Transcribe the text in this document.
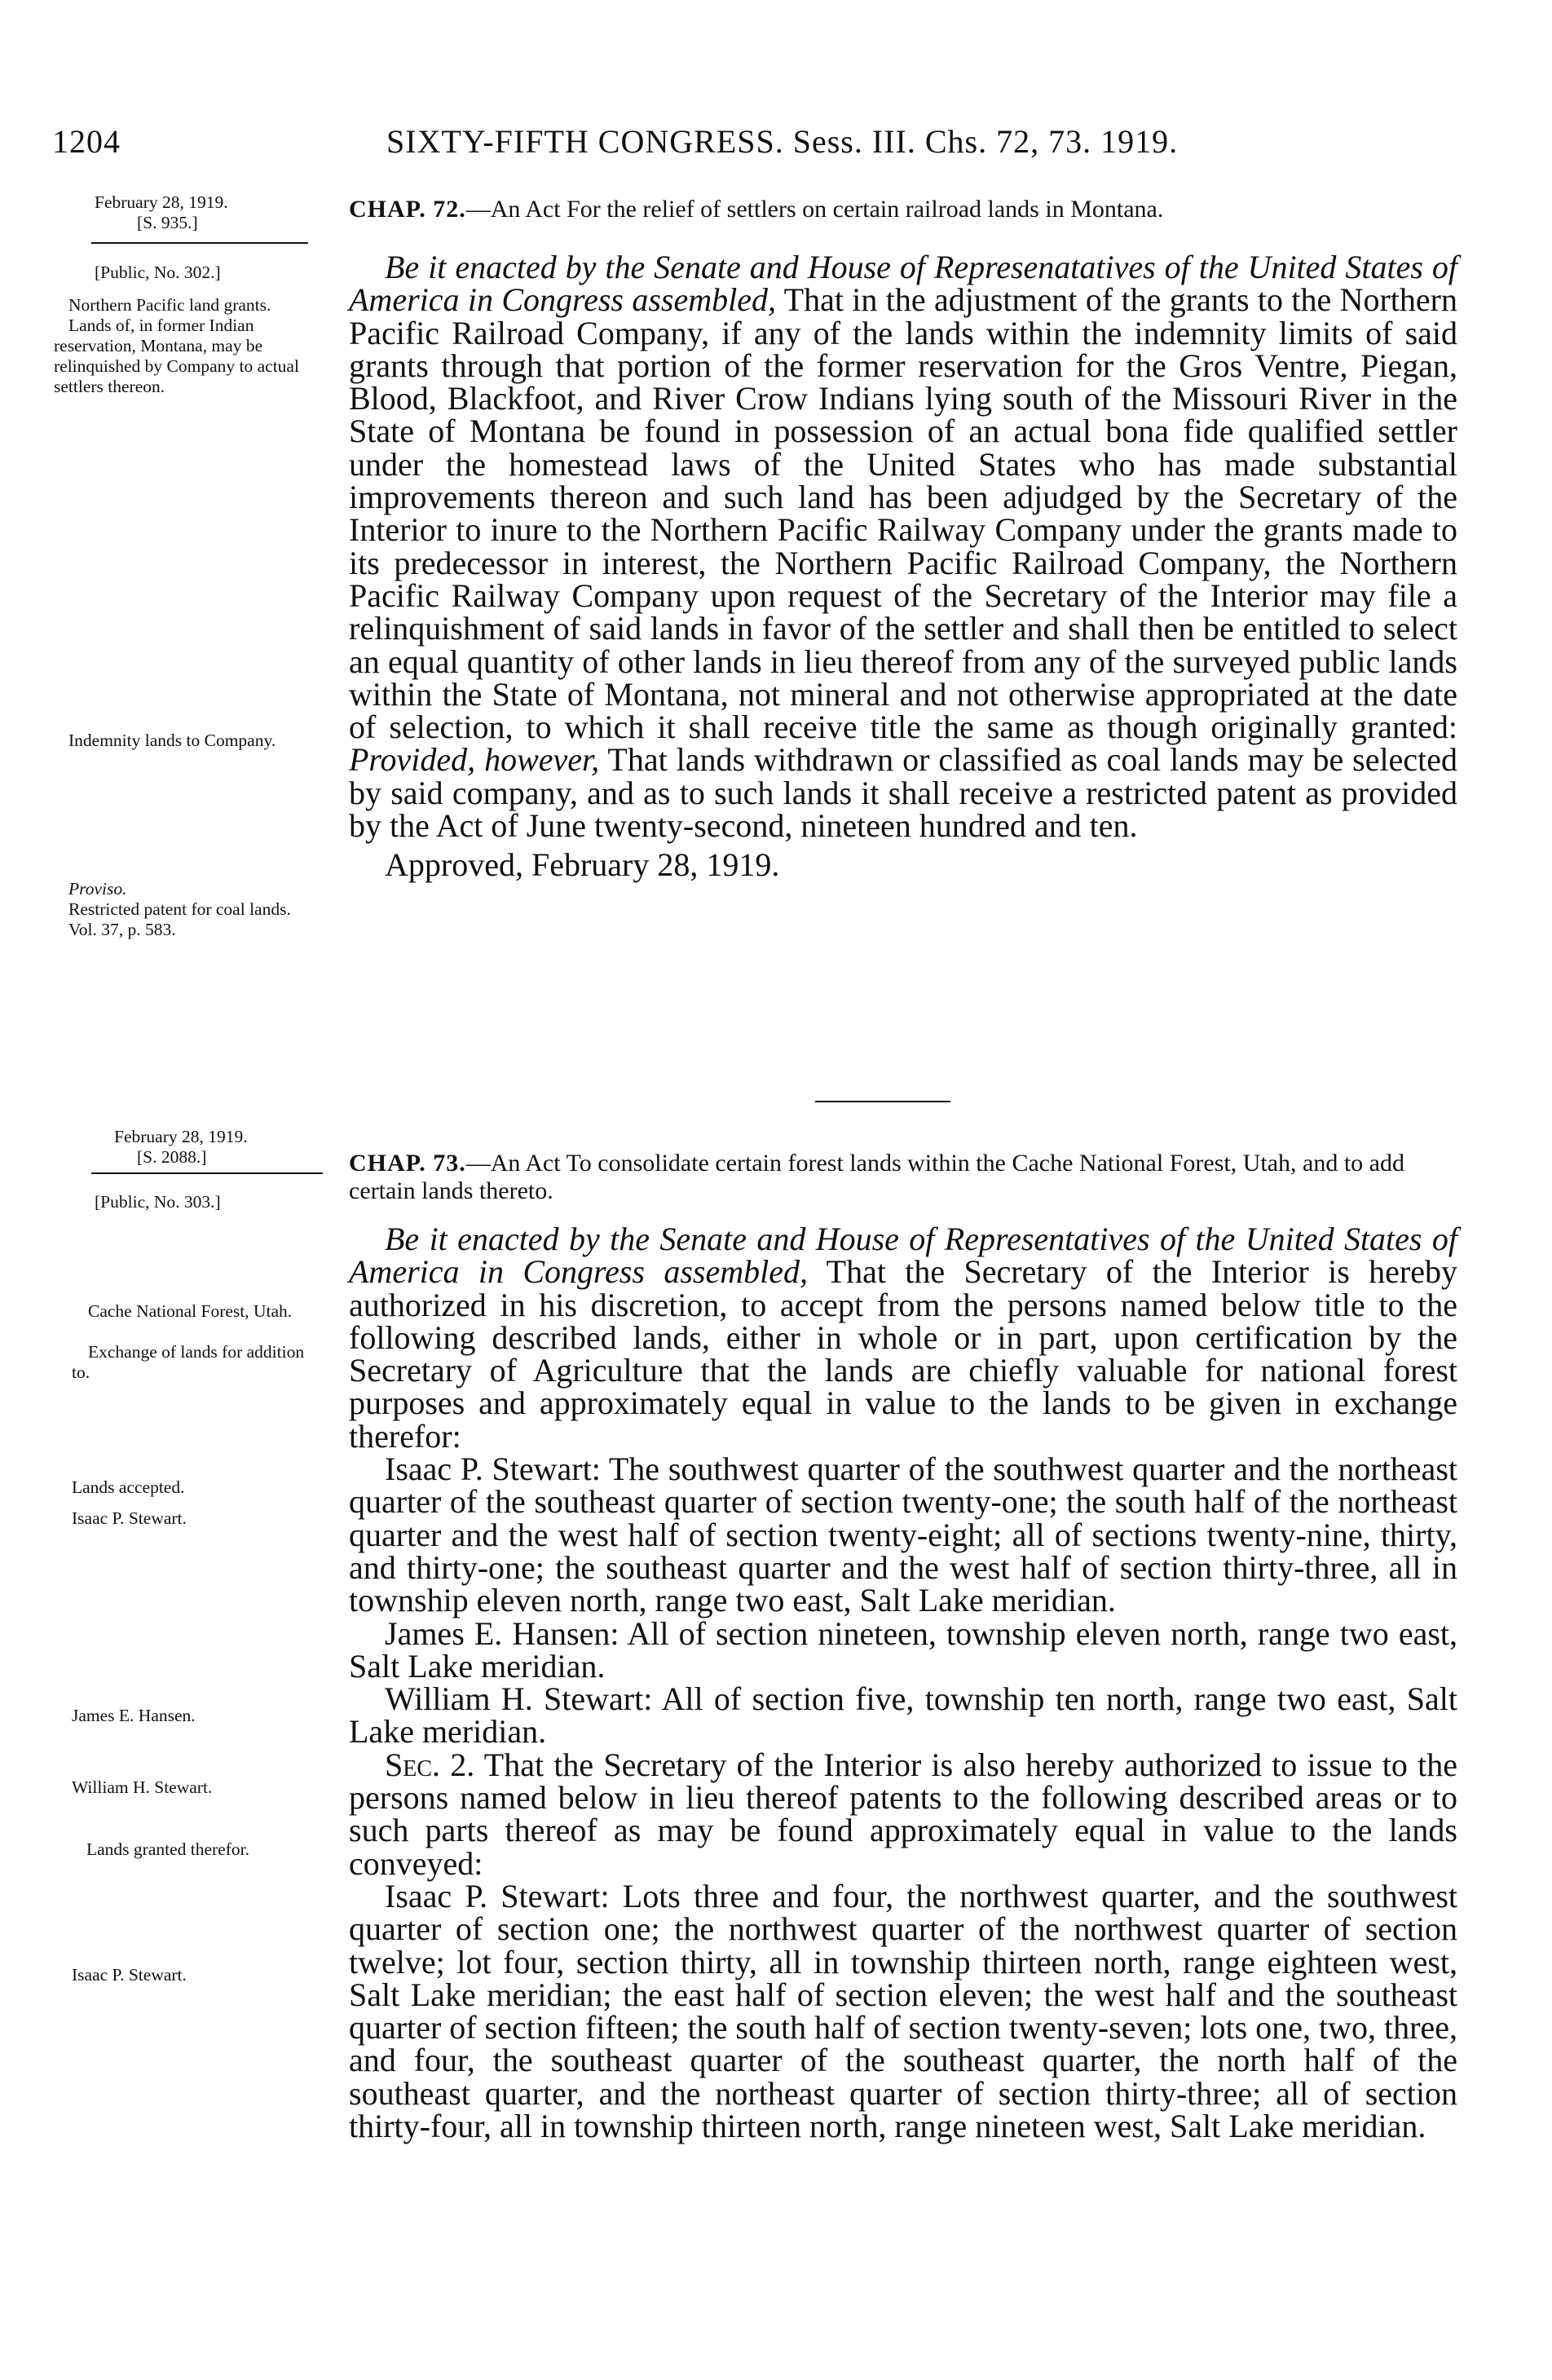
1204	SIXTY-FIFTH CONGRESS. Sess. III. Chs. 72, 73. 1919.
February 28, 1919.
[S. 935.]
[Public, No. 302.]
Northern Pacific land grants.
Lands of, in former Indian reservation, Montana, may be relinquished by Company to actual settlers thereon.
Indemnity lands to Company.
Proviso.
Restricted patent for coal lands.
Vol. 37, p. 583.
CHAP. 72.—An Act For the relief of settlers on certain railroad lands in Montana.

Be it enacted by the Senate and House of Represenatatives of the United States of America in Congress assembled, That in the adjustment of the grants to the Northern Pacific Railroad Company, if any of the lands within the indemnity limits of said grants through that portion of the former reservation for the Gros Ventre, Piegan, Blood, Blackfoot, and River Crow Indians lying south of the Missouri River in the State of Montana be found in possession of an actual bona fide qualified settler under the homestead laws of the United States who has made substantial improvements thereon and such land has been adjudged by the Secretary of the Interior to inure to the Northern Pacific Railway Company under the grants made to its predecessor in interest, the Northern Pacific Railroad Company, the Northern Pacific Railway Company upon request of the Secretary of the Interior may file a relinquishment of said lands in favor of the settler and shall then be entitled to select an equal quantity of other lands in lieu thereof from any of the surveyed public lands within the State of Montana, not mineral and not otherwise appropriated at the date of selection, to which it shall receive title the same as though originally granted: Provided, however, That lands withdrawn or classified as coal lands may be selected by said company, and as to such lands it shall receive a restricted patent as provided by the Act of June twenty-second, nineteen hundred and ten.

Approved, February 28, 1919.

February 28, 1919.
[S. 2088.]
[Public, No. 303.]
Cache National Forest, Utah.
Exchange of lands for addition to.
Lands accepted.
Isaac P. Stewart.
James E. Hansen.
William H. Stewart.
Lands granted therefor.
Isaac P. Stewart.
CHAP. 73.—An Act To consolidate certain forest lands within the Cache National Forest, Utah, and to add certain lands thereto.

Be it enacted by the Senate and House of Representatives of the United States of America in Congress assembled, That the Secretary of the Interior is hereby authorized in his discretion, to accept from the persons named below title to the following described lands, either in whole or in part, upon certification by the Secretary of Agriculture that the lands are chiefly valuable for national forest purposes and approximately equal in value to the lands to be given in exchange therefor:

Isaac P. Stewart: The southwest quarter of the southwest quarter and the northeast quarter of the southeast quarter of section twenty-one; the south half of the northeast quarter and the west half of section twenty-eight; all of sections twenty-nine, thirty, and thirty-one; the southeast quarter and the west half of section thirty-three, all in township eleven north, range two east, Salt Lake meridian.

James E. Hansen: All of section nineteen, township eleven north, range two east, Salt Lake meridian.

William H. Stewart: All of section five, township ten north, range two east, Salt Lake meridian.

Sec. 2. That the Secretary of the Interior is also hereby authorized to issue to the persons named below in lieu thereof patents to the following described areas or to such parts thereof as may be found approximately equal in value to the lands conveyed:

Isaac P. Stewart: Lots three and four, the northwest quarter, and the southwest quarter of section one; the northwest quarter of the northwest quarter of section twelve; lot four, section thirty, all in township thirteen north, range eighteen west, Salt Lake meridian; the east half of section eleven; the west half and the southeast quarter of section fifteen; the south half of section twenty-seven; lots one, two, three, and four, the southeast quarter of the southeast quarter, the north half of the southeast quarter, and the northeast quarter of section thirty-three; all of section thirty-four, all in township thirteen north, range nineteen west, Salt Lake meridian.
